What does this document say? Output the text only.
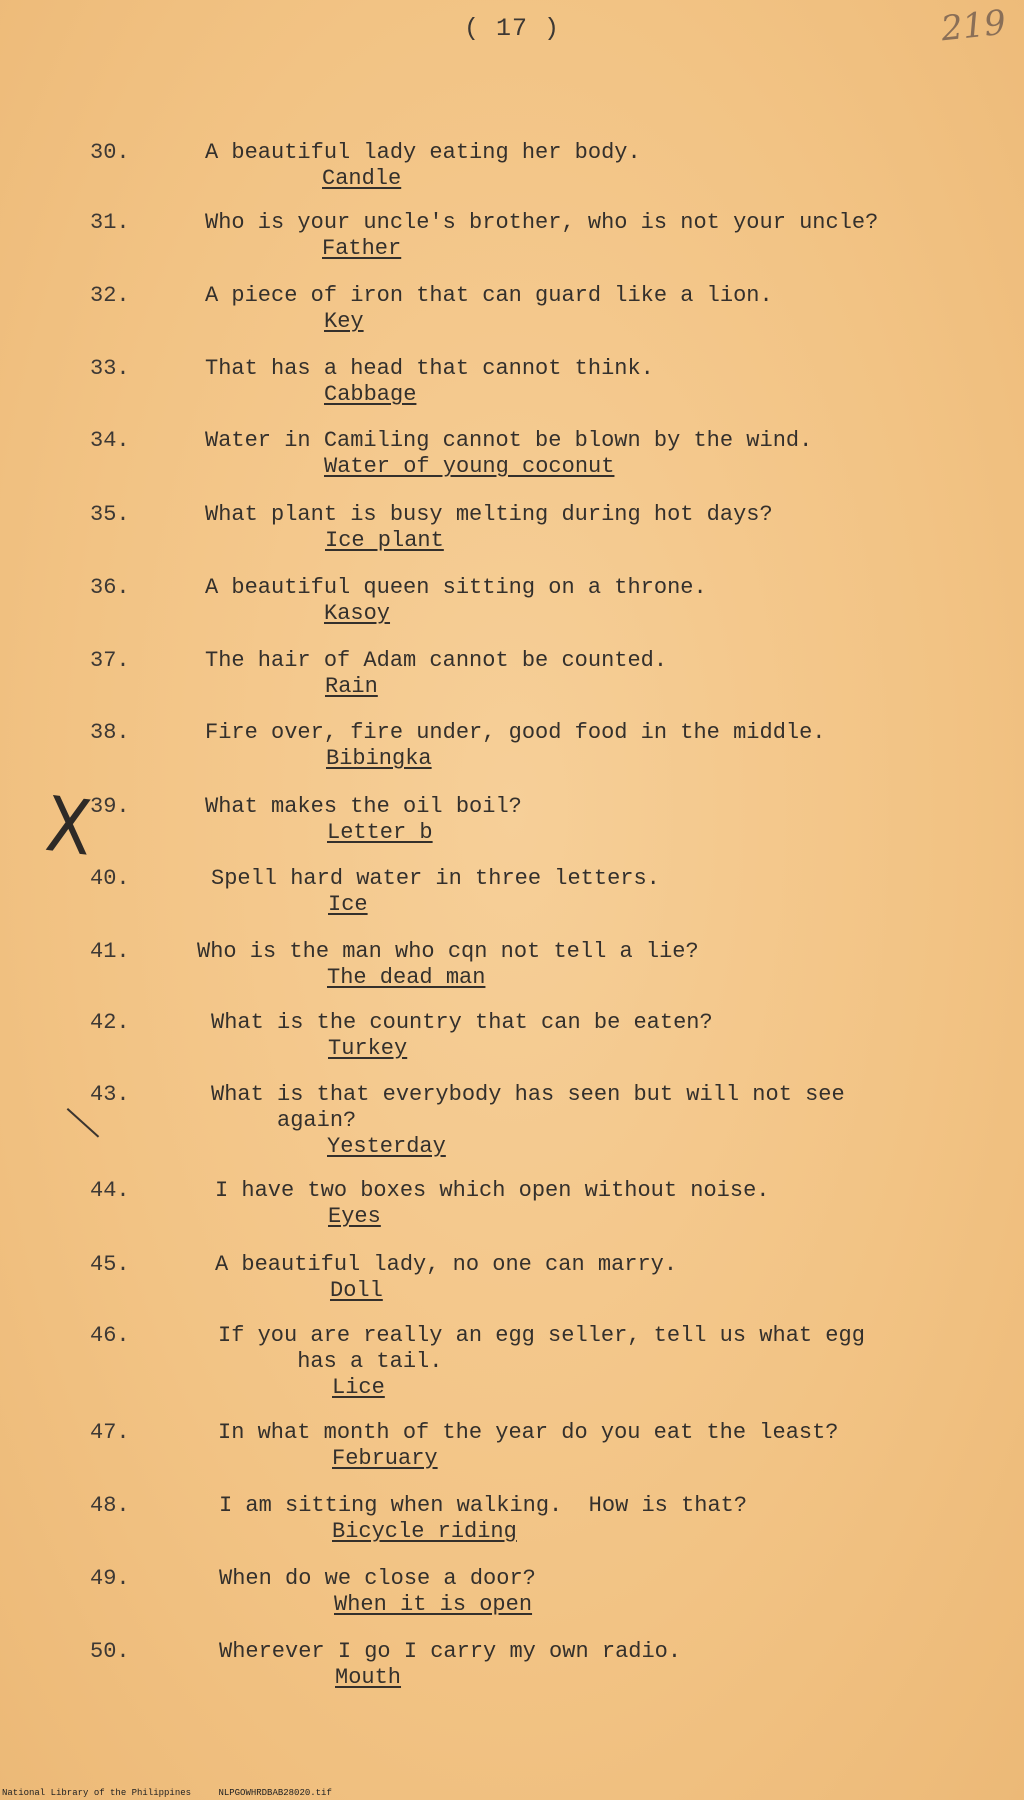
( 17 )	219
30.	A beautiful lady eating her body.
Candle
31.	Who is your uncle's brother, who is not your uncle?
Father
32.	A piece of iron that can guard like a lion.
Key
33.	That has a head that cannot think.
Cabbage
34.	Water in Camiling cannot be blown by the wind.
Water of young coconut
35.	What plant is busy melting during hot days?
Ice plant
36.	A beautiful queen sitting on a throne.
Kasoy
37.	The hair of Adam cannot be counted.
Rain
38.	Fire over, fire under, good food in the middle.
Bibingka
39.	What makes the oil boil?
Letter b
40.	Spell hard water in three letters.
Ice
41.	Who is the man who cqn not tell a lie?
The dead man
42.	What is the country that can be eaten?
Turkey
43.	What is that everybody has seen but will not see
again?
Yesterday
44.	I have two boxes which open without noise.
Eyes
45.	A beautiful lady, no one can marry.
Doll
46.	If you are really an egg seller, tell us what egg
has a tail.
Lice
47.	In what month of the year do you eat the least?
February
48.	I am sitting when walking.  How is that?
Bicycle riding
49.	When do we close a door?
When it is open
50.	Wherever I go I carry my own radio.
Mouth
X
National Library of the Philippines	NLPGOWHRDBAB28020.tif
